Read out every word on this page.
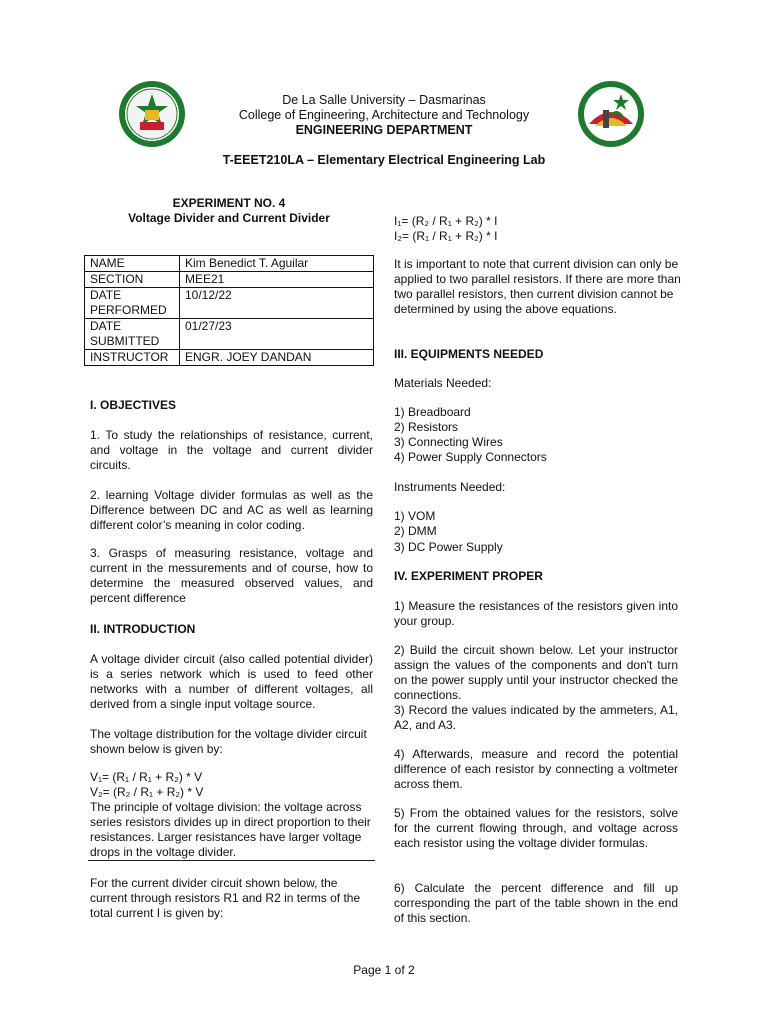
De La Salle University – Dasmarinas
College of Engineering, Architecture and Technology
ENGINEERING DEPARTMENT
T-EEET210LA – Elementary Electrical Engineering Lab
EXPERIMENT NO. 4
Voltage Divider and Current Divider
NAME	Kim Benedict T. Aguilar
SECTION	MEE21
DATE PERFORMED	10/12/22
DATE SUBMITTED	01/27/23
INSTRUCTOR	ENGR. JOEY DANDAN
I. OBJECTIVES

1. To study the relationships of resistance, current, and voltage in the voltage and current divider circuits.

2. learning Voltage divider formulas as well as the Difference between DC and AC as well as learning different color’s meaning in color coding.

3. Grasps of measuring resistance, voltage and current in the messurements and of course, how to determine the measured observed values, and percent difference

II. INTRODUCTION

A voltage divider circuit (also called potential divider) is a series network which is used to feed other networks with a number of different voltages, all derived from a single input voltage source.

The voltage distribution for the voltage divider circuit shown below is given by:

V₁= (R₁ / R₁ + R₂) * V

V₂= (R₂ / R₁ + R₂) * V

The principle of voltage division: the voltage across series resistors divides up in direct proportion to their resistances. Larger resistances have larger voltage drops in the voltage divider.

For the current divider circuit shown below, the current through resistors R1 and R2 in terms of the total current I is given by:

I₁= (R₂ / R₁ + R₂) * I

I₂= (R₁ / R₁ + R₂) * I

It is important to note that current division can only be applied to two parallel resistors. If there are more than two parallel resistors, then current division cannot be determined by using the above equations.

III. EQUIPMENTS NEEDED

Materials Needed:

1) Breadboard

2) Resistors

3) Connecting Wires

4) Power Supply Connectors

Instruments Needed:

1) VOM

2) DMM

3) DC Power Supply

IV. EXPERIMENT PROPER

1) Measure the resistances of the resistors given into your group.

2) Build the circuit shown below. Let your instructor assign the values of the components and don't turn on the power supply until your instructor checked the connections.

3) Record the values indicated by the ammeters, A1, A2, and A3.

4) Afterwards, measure and record the potential difference of each resistor by connecting a voltmeter across them.

5) From the obtained values for the resistors, solve for the current flowing through, and voltage across each resistor using the voltage divider formulas.

6) Calculate the percent difference and fill up corresponding the part of the table shown in the end of this section.

Page 1 of 2
